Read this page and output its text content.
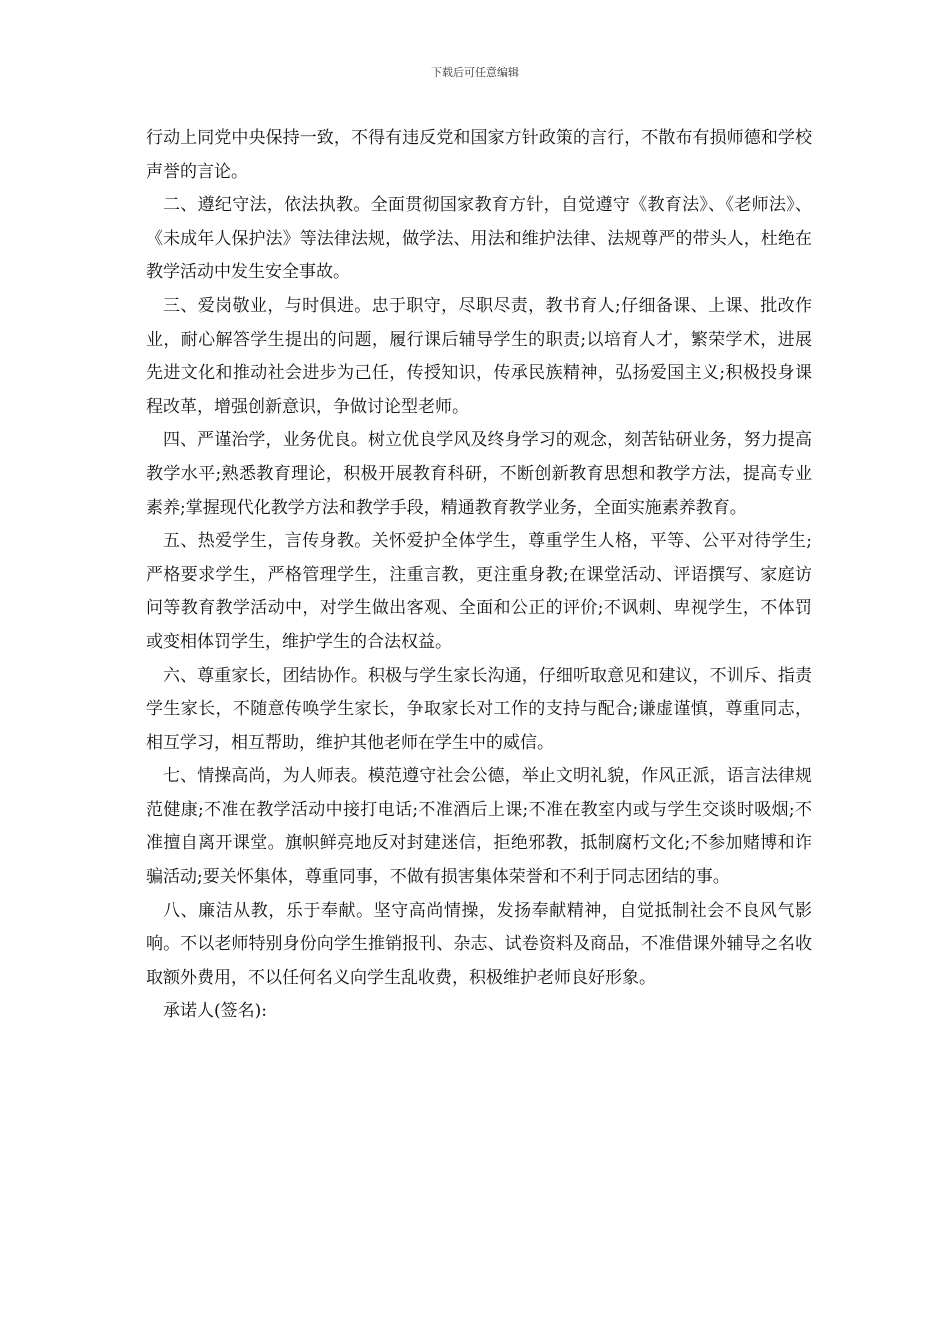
下载后可任意编辑

行动上同党中央保持一致，不得有违反党和国家方针政策的言行，不散布有损师德和学校声誉的言论。

二、遵纪守法，依法执教。全面贯彻国家教育方针，自觉遵守《教育法》、《老师法》、《未成年人保护法》等法律法规，做学法、用法和维护法律、法规尊严的带头人，杜绝在教学活动中发生安全事故。

三、爱岗敬业，与时俱进。忠于职守，尽职尽责，教书育人;仔细备课、上课、批改作业，耐心解答学生提出的问题，履行课后辅导学生的职责;以培育人才，繁荣学术，进展先进文化和推动社会进步为己任，传授知识，传承民族精神，弘扬爱国主义;积极投身课程改革，增强创新意识，争做讨论型老师。

四、严谨治学，业务优良。树立优良学风及终身学习的观念，刻苦钻研业务，努力提高教学水平;熟悉教育理论，积极开展教育科研，不断创新教育思想和教学方法，提高专业素养;掌握现代化教学方法和教学手段，精通教育教学业务，全面实施素养教育。

五、热爱学生，言传身教。关怀爱护全体学生，尊重学生人格，平等、公平对待学生;严格要求学生，严格管理学生，注重言教，更注重身教;在课堂活动、评语撰写、家庭访问等教育教学活动中，对学生做出客观、全面和公正的评价;不讽刺、卑视学生，不体罚或变相体罚学生，维护学生的合法权益。

六、尊重家长，团结协作。积极与学生家长沟通，仔细听取意见和建议，不训斥、指责学生家长，不随意传唤学生家长，争取家长对工作的支持与配合;谦虚谨慎，尊重同志，相互学习，相互帮助，维护其他老师在学生中的威信。

七、情操高尚，为人师表。模范遵守社会公德，举止文明礼貌，作风正派，语言法律规范健康;不准在教学活动中接打电话;不准酒后上课;不准在教室内或与学生交谈时吸烟;不准擅自离开课堂。旗帜鲜亮地反对封建迷信，拒绝邪教，抵制腐朽文化;不参加赌博和诈骗活动;要关怀集体，尊重同事，不做有损害集体荣誉和不利于同志团结的事。

八、廉洁从教，乐于奉献。坚守高尚情操，发扬奉献精神，自觉抵制社会不良风气影响。不以老师特别身份向学生推销报刊、杂志、试卷资料及商品，不准借课外辅导之名收取额外费用，不以任何名义向学生乱收费，积极维护老师良好形象。

承诺人(签名):
